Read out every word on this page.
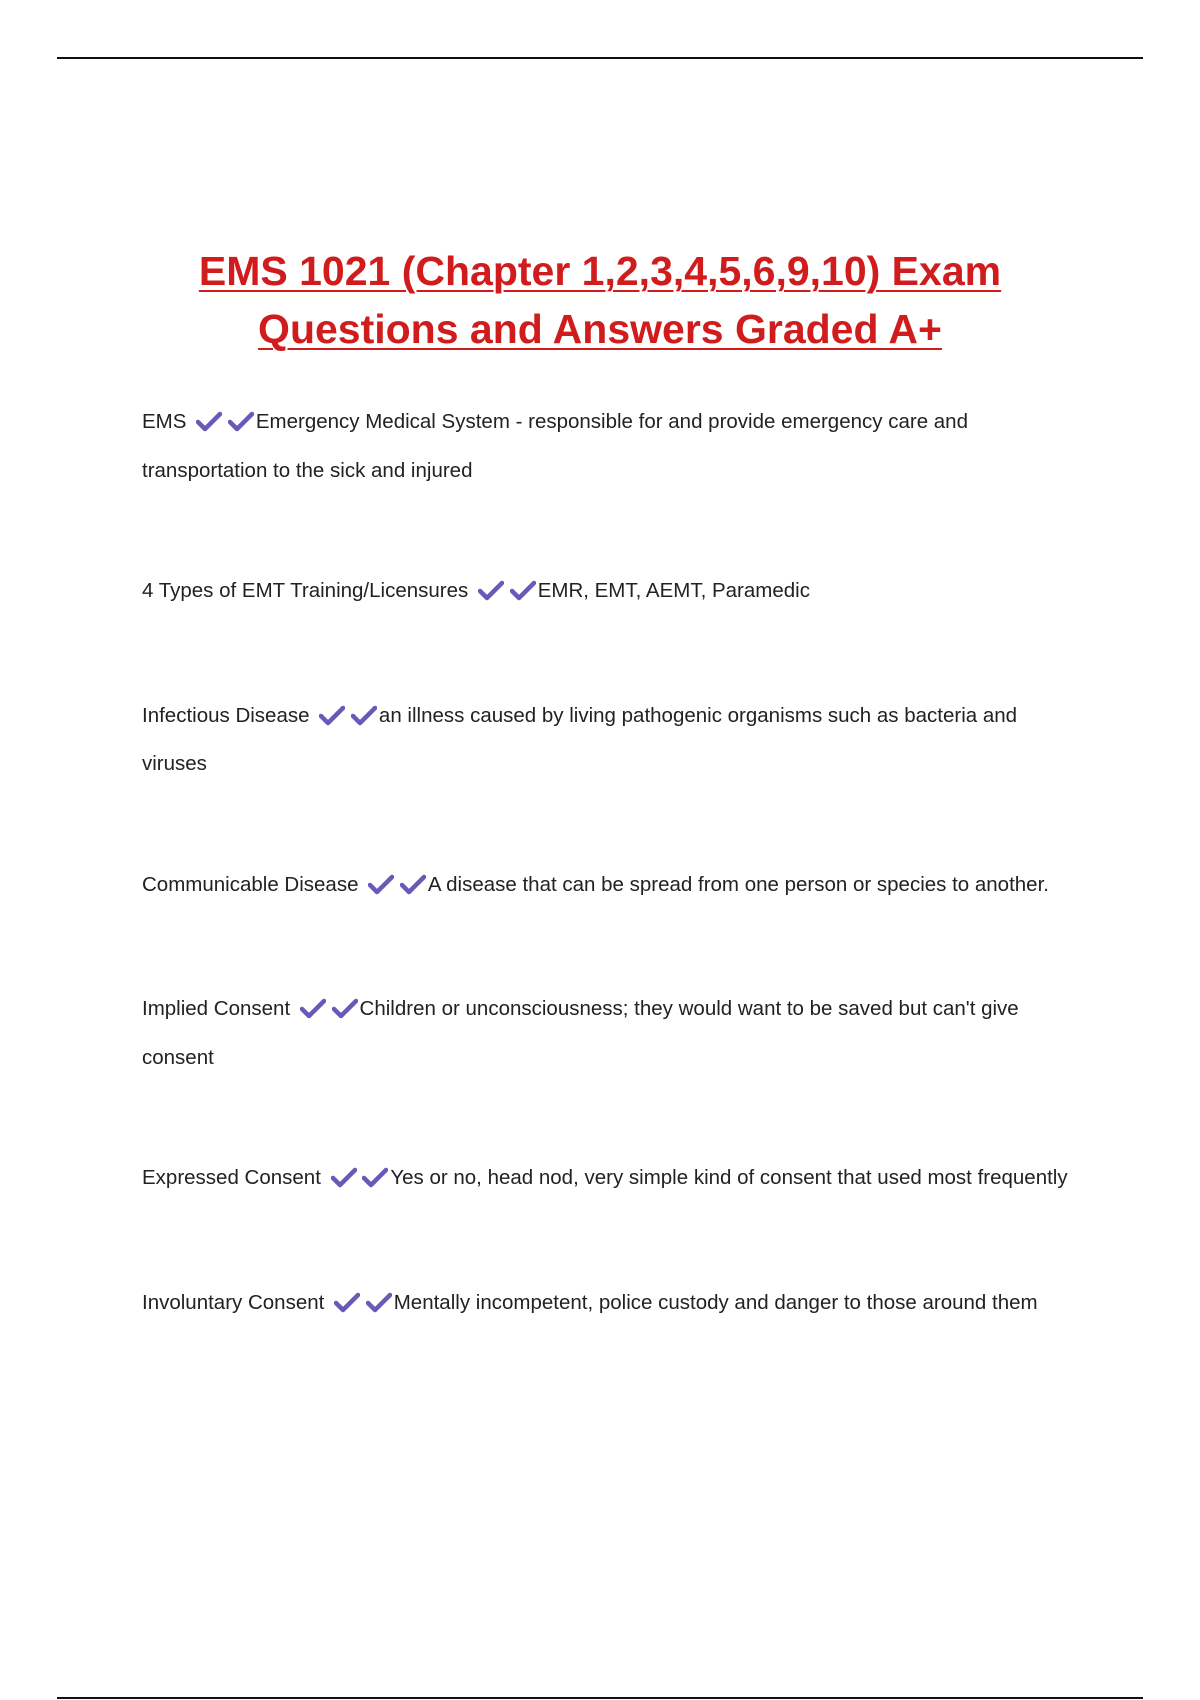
EMS 1021 (Chapter 1,2,3,4,5,6,9,10) Exam Questions and Answers Graded A+

EMS
	Emergency Medical System - responsible for and provide emergency care and transportation to the sick and injured

4 Types of EMT Training/Licensures
	EMR, EMT, AEMT, Paramedic

Infectious Disease
	an illness caused by living pathogenic organisms such as bacteria and viruses

Communicable Disease
	A disease that can be spread from one person or species to another.

Implied Consent
	Children or unconsciousness; they would want to be saved but can't give consent

Expressed Consent
	Yes or no, head nod, very simple kind of consent that used most frequently

Involuntary Consent
	Mentally incompetent, police custody and danger to those around them
